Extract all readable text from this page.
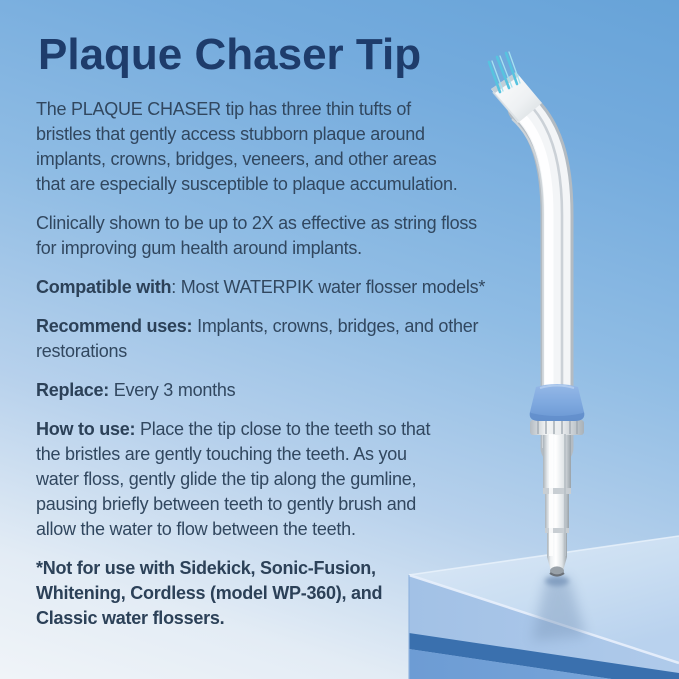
Plaque Chaser Tip
The PLAQUE CHASER tip has three thin tufts of
bristles that gently access stubborn plaque around
implants, crowns, bridges, veneers, and other areas
that are especially susceptible to plaque accumulation.
Clinically shown to be up to 2X as effective as string floss
for improving gum health around implants.
Compatible with: Most WATERPIK water flosser models*
Recommend uses: Implants, crowns, bridges, and other
restorations
Replace: Every 3 months
How to use: Place the tip close to the teeth so that
the bristles are gently touching the teeth. As you
water floss, gently glide the tip along the gumline,
pausing briefly between teeth to gently brush and
allow the water to flow between the teeth.
*Not for use with Sidekick, Sonic-Fusion,
Whitening, Cordless (model WP-360), and
Classic water flossers.
